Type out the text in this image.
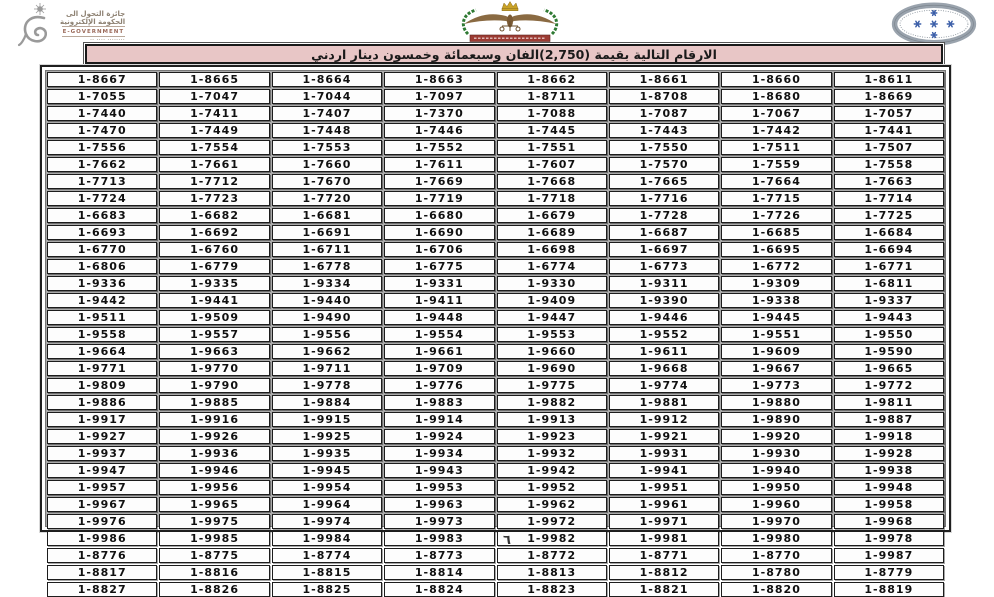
جائزة التحول الى
الحكومة الإلكترونية
E-GOVERNMENT
········ ···· ··
الارقام التالية بقيمة (2,750)الفان وسبعمائة وخمسون دينار اردني
1-8667	1-8665	1-8664	1-8663	1-8662	1-8661	1-8660	1-8611
1-7055	1-7047	1-7044	1-7097	1-8711	1-8708	1-8680	1-8669
1-7440	1-7411	1-7407	1-7370	1-7088	1-7087	1-7067	1-7057
1-7470	1-7449	1-7448	1-7446	1-7445	1-7443	1-7442	1-7441
1-7556	1-7554	1-7553	1-7552	1-7551	1-7550	1-7511	1-7507
1-7662	1-7661	1-7660	1-7611	1-7607	1-7570	1-7559	1-7558
1-7713	1-7712	1-7670	1-7669	1-7668	1-7665	1-7664	1-7663
1-7724	1-7723	1-7720	1-7719	1-7718	1-7716	1-7715	1-7714
1-6683	1-6682	1-6681	1-6680	1-6679	1-7728	1-7726	1-7725
1-6693	1-6692	1-6691	1-6690	1-6689	1-6687	1-6685	1-6684
1-6770	1-6760	1-6711	1-6706	1-6698	1-6697	1-6695	1-6694
1-6806	1-6779	1-6778	1-6775	1-6774	1-6773	1-6772	1-6771
1-9336	1-9335	1-9334	1-9331	1-9330	1-9311	1-9309	1-6811
1-9442	1-9441	1-9440	1-9411	1-9409	1-9390	1-9338	1-9337
1-9511	1-9509	1-9490	1-9448	1-9447	1-9446	1-9445	1-9443
1-9558	1-9557	1-9556	1-9554	1-9553	1-9552	1-9551	1-9550
1-9664	1-9663	1-9662	1-9661	1-9660	1-9611	1-9609	1-9590
1-9771	1-9770	1-9711	1-9709	1-9690	1-9668	1-9667	1-9665
1-9809	1-9790	1-9778	1-9776	1-9775	1-9774	1-9773	1-9772
1-9886	1-9885	1-9884	1-9883	1-9882	1-9881	1-9880	1-9811
1-9917	1-9916	1-9915	1-9914	1-9913	1-9912	1-9890	1-9887
1-9927	1-9926	1-9925	1-9924	1-9923	1-9921	1-9920	1-9918
1-9937	1-9936	1-9935	1-9934	1-9932	1-9931	1-9930	1-9928
1-9947	1-9946	1-9945	1-9943	1-9942	1-9941	1-9940	1-9938
1-9957	1-9956	1-9954	1-9953	1-9952	1-9951	1-9950	1-9948
1-9967	1-9965	1-9964	1-9963	1-9962	1-9961	1-9960	1-9958
1-9976	1-9975	1-9974	1-9973	1-9972	1-9971	1-9970	1-9968
1-9986	1-9985	1-9984	1-9983	1-9982	1-9981	1-9980	1-9978
1-8776	1-8775	1-8774	1-8773	1-8772	1-8771	1-8770	1-9987
1-8817	1-8816	1-8815	1-8814	1-8813	1-8812	1-8780	1-8779
1-8827	1-8826	1-8825	1-8824	1-8823	1-8821	1-8820	1-8819
٦
